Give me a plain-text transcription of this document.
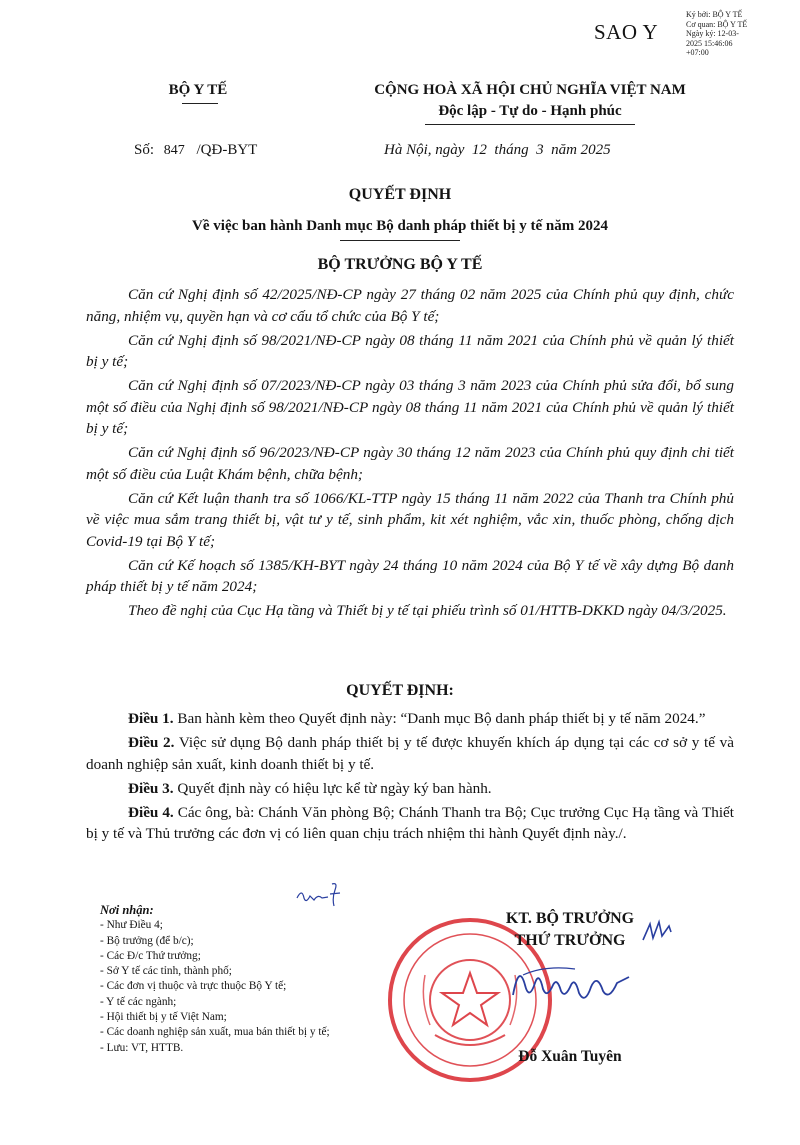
Ký bởi: BỘ Y TẾ
Cơ quan: BỘ Y TẾ
Ngày ký: 12-03-
2025 15:46:06
+07:00
SAO Y
BỘ Y TẾ	CỘNG HOÀ XÃ HỘI CHỦ NGHĨA VIỆT NAM
Độc lập - Tự do - Hạnh phúc
Số: 847 /QĐ-BYT	Hà Nội, ngày  12  tháng  3  năm 2025
QUYẾT ĐỊNH
Về việc ban hành Danh mục Bộ danh pháp thiết bị y tế năm 2024
BỘ TRƯỞNG BỘ Y TẾ

Căn cứ Nghị định số 42/2025/NĐ-CP ngày 27 tháng 02 năm 2025 của Chính phủ quy định, chức năng, nhiệm vụ, quyền hạn và cơ cấu tổ chức của Bộ Y tế;

Căn cứ Nghị định số 98/2021/NĐ-CP ngày 08 tháng 11 năm 2021 của Chính phủ về quản lý thiết bị y tế;

Căn cứ Nghị định số 07/2023/NĐ-CP ngày 03 tháng 3 năm 2023 của Chính phủ sửa đổi, bổ sung một số điều của Nghị định số 98/2021/NĐ-CP ngày 08 tháng 11 năm 2021 của Chính phủ về quản lý thiết bị y tế;

Căn cứ Nghị định số 96/2023/NĐ-CP ngày 30 tháng 12 năm 2023 của Chính phủ quy định chi tiết một số điều của Luật Khám bệnh, chữa bệnh;

Căn cứ Kết luận thanh tra số 1066/KL-TTP ngày 15 tháng 11 năm 2022 của Thanh tra Chính phủ về việc mua sắm trang thiết bị, vật tư y tế, sinh phẩm, kit xét nghiệm, vắc xin, thuốc phòng, chống dịch Covid-19 tại Bộ Y tế;

Căn cứ Kế hoạch số 1385/KH-BYT ngày 24 tháng 10 năm 2024 của Bộ Y tế về xây dựng Bộ danh pháp thiết bị y tế năm 2024;

Theo đề nghị của Cục Hạ tầng và Thiết bị y tế tại phiếu trình số 01/HTTB-DKKD ngày 04/3/2025.

QUYẾT ĐỊNH:

Điều 1. Ban hành kèm theo Quyết định này: “Danh mục Bộ danh pháp thiết bị y tế năm 2024.”

Điều 2. Việc sử dụng Bộ danh pháp thiết bị y tế được khuyến khích áp dụng tại các cơ sở y tế và doanh nghiệp sản xuất, kinh doanh thiết bị y tế.

Điều 3. Quyết định này có hiệu lực kể từ ngày ký ban hành.

Điều 4. Các ông, bà: Chánh Văn phòng Bộ; Chánh Thanh tra Bộ; Cục trưởng Cục Hạ tầng và Thiết bị y tế và Thủ trưởng các đơn vị có liên quan chịu trách nhiệm thi hành Quyết định này./.

Nơi nhận:
- Như Điều 4;
- Bộ trưởng (để b/c);
- Các Đ/c Thứ trưởng;
- Sở Y tế các tỉnh, thành phố;
- Các đơn vị thuộc và trực thuộc Bộ Y tế;
- Y tế các ngành;
- Hội thiết bị y tế Việt Nam;
- Các doanh nghiệp sản xuất, mua bán thiết bị y tế;
- Lưu: VT, HTTB.
KT. BỘ TRƯỞNG
THỨ TRƯỞNG
Đỗ Xuân Tuyên
